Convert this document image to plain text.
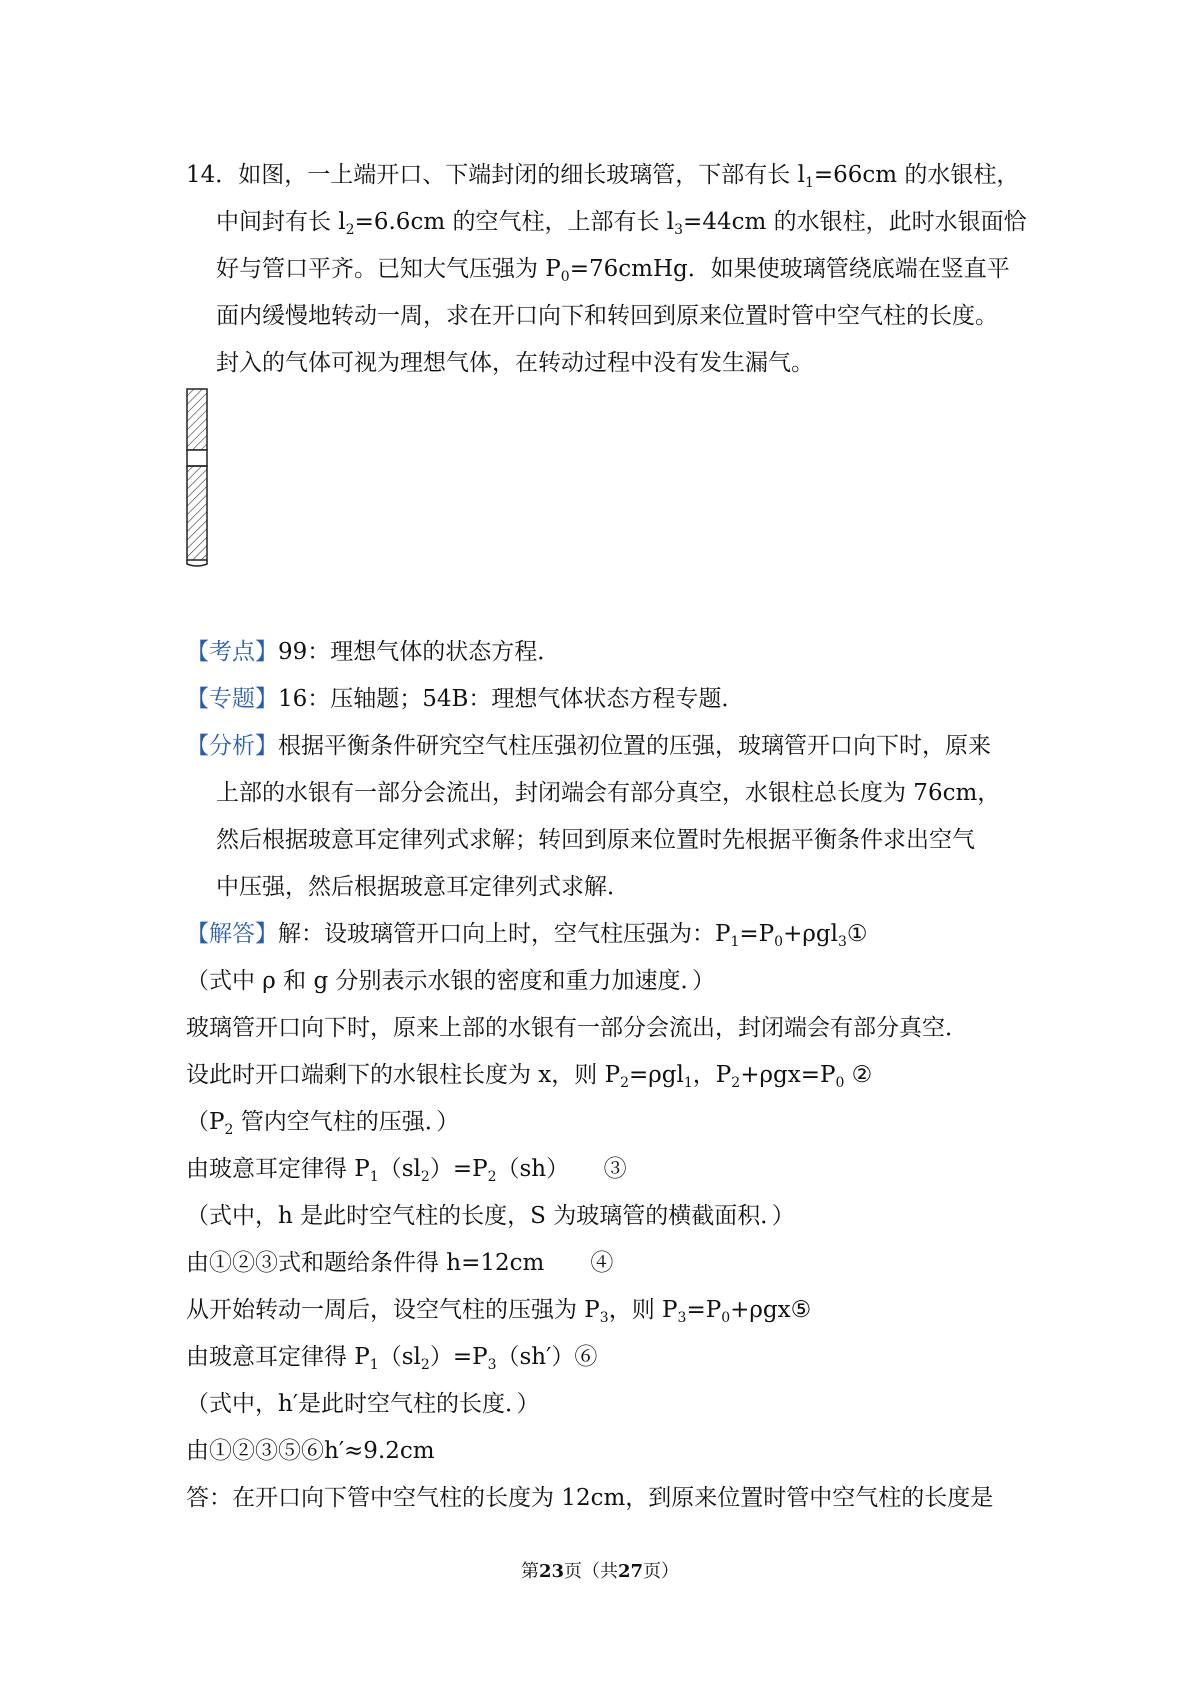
14．如图，一上端开口、下端封闭的细长玻璃管，下部有长 $l_1=66cm$ 的水银柱，
中间封有长 $l_2=6.6cm$ 的空气柱，上部有长 $l_3=44cm$ 的水银柱，此时水银面恰
好与管口平齐。已知大气压强为 $P_0=76cmHg$．如果使玻璃管绕底端在竖直平
面内缓慢地转动一周，求在开口向下和转回到原来位置时管中空气柱的长度。
封入的气体可视为理想气体，在转动过程中没有发生漏气。
【考点】99：理想气体的状态方程．
【专题】16：压轴题；54B：理想气体状态方程专题．
【分析】根据平衡条件研究空气柱压强初位置的压强，玻璃管开口向下时，原来
上部的水银有一部分会流出，封闭端会有部分真空，水银柱总长度为 76cm，
然后根据玻意耳定律列式求解；转回到原来位置时先根据平衡条件求出空气
中压强，然后根据玻意耳定律列式求解．
【解答】解：设玻璃管开口向上时，空气柱压强为：$P_1=P_0+\rho gl_3①$
（式中 ρ 和 g 分别表示水银的密度和重力加速度．）
玻璃管开口向下时，原来上部的水银有一部分会流出，封闭端会有部分真空．
设此时开口端剩下的水银柱长度为 x，则 $P_2=\rho gl_1$，$P_2+\rho gx=P_0$ ②
（$P_2$ 管内空气柱的压强．）
由玻意耳定律得 $P_1(sl_2)=P_2(sh)$　　③
（式中，h 是此时空气柱的长度，S 为玻璃管的横截面积．）
由①②③式和题给条件得 h=12cm　　④
从开始转动一周后，设空气柱的压强为 $P_3$，则 $P_3=P_0+\rho gx⑤$
由玻意耳定律得 $P_1(sl_2)=P_3(sh')⑥$
（式中，h′是此时空气柱的长度．）
由①②③⑤⑥h′≈9.2cm
答：在开口向下管中空气柱的长度为 12cm，到原来位置时管中空气柱的长度是
第23页（共27页）
